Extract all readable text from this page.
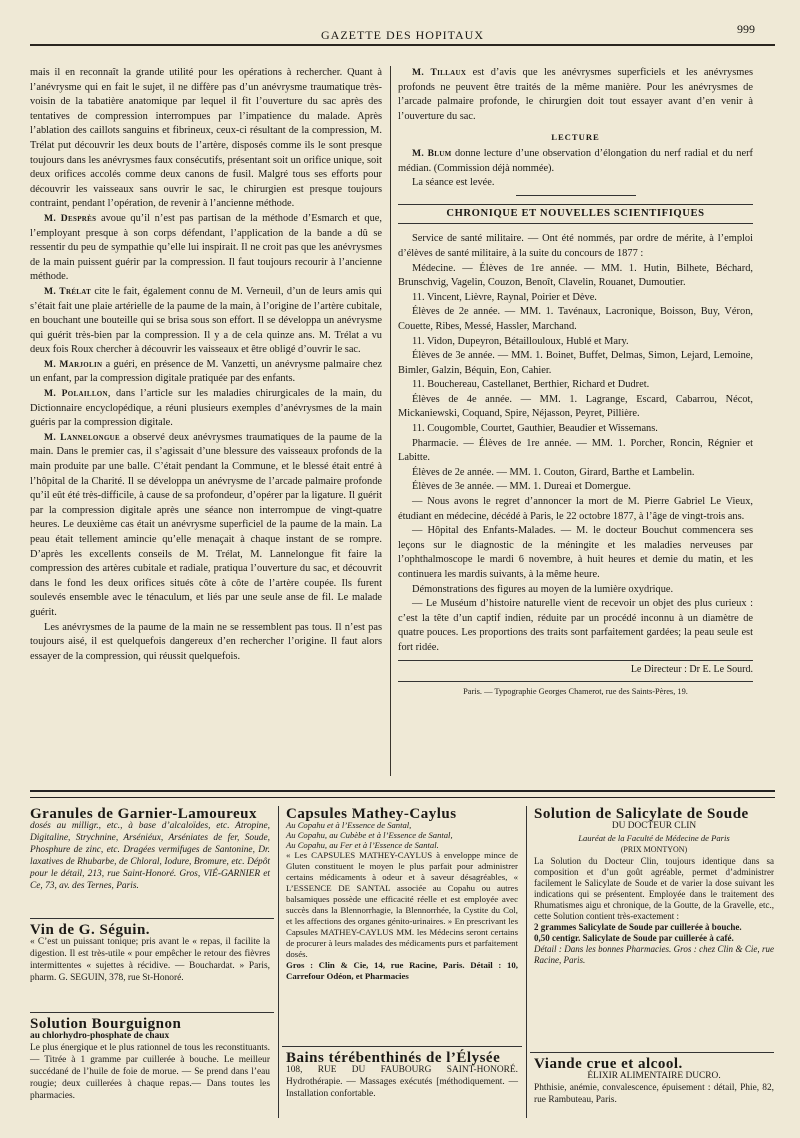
GAZETTE DES HOPITAUX	999

mais il en reconnaît la grande utilité pour les opérations à rechercher. Quant à l’anévrysme qui en fait le sujet, il ne diffère pas d’un anévrysme traumatique très-voisin de la tabatière anatomique par lequel il fit l’ouverture du sac après des tentatives de compression interrompues par l’impatience du malade. Après l’ablation des caillots sanguins et fibrineux, ceux-ci résultant de la compression, M. Trélat put découvrir les deux bouts de l’artère, disposés comme ils le sont presque toujours dans les anévrysmes faux consécutifs, présentant soit un orifice unique, soit deux orifices accolés comme deux canons de fusil. Malgré tous ses efforts pour découvrir les vaisseaux sans ouvrir le sac, le chirurgien est presque toujours contraint, pendant l’opération, de revenir à l’ancienne méthode.

M. Desprès avoue qu’il n’est pas partisan de la méthode d’Esmarch et que, l’employant presque à son corps défendant, l’application de la bande a dû se ressentir du peu de sympathie qu’elle lui inspirait. Il ne croit pas que les anévrysmes de la main puissent guérir par la compression. Il faut toujours recourir à l’ancienne méthode.

M. Trélat cite le fait, également connu de M. Verneuil, d’un de leurs amis qui s’était fait une plaie artérielle de la paume de la main, à l’origine de l’artère cubitale, en bouchant une bouteille qui se brisa sous son effort. Il se développa un anévrysme qui guérit très-bien par la compression. Il y a de cela quinze ans. M. Trélat a vu deux fois Roux chercher à découvrir les vaisseaux et être obligé d’ouvrir le sac.

M. Marjolin a guéri, en présence de M. Vanzetti, un anévrysme palmaire chez un enfant, par la compression digitale pratiquée par des enfants.

M. Polaillon, dans l’article sur les maladies chirurgicales de la main, du Dictionnaire encyclopédique, a réuni plusieurs exemples d’anévrysmes de la main guéris par la compression digitale.

M. Lannelongue a observé deux anévrysmes traumatiques de la paume de la main. Dans le premier cas, il s’agissait d’une blessure des vaisseaux profonds de la main produite par une balle. C’était pendant la Commune, et le blessé était entré à l’hôpital de la Charité. Il se développa un anévrysme de l’arcade palmaire profonde qu’il eût été très-difficile, à cause de sa profondeur, d’opérer par la ligature. Il guérit par la compression digitale après une séance non interrompue de vingt-quatre heures. Le deuxième cas était un anévrysme superficiel de la paume de la main. La peau était tellement amincie qu’elle menaçait à chaque instant de se rompre. D’après les excellents conseils de M. Trélat, M. Lannelongue fit faire la compression des artères cubitale et radiale, pratiqua l’ouverture du sac, et découvrit dans le fond les deux orifices situés côte à côte de l’artère coupée. Ils furent soulevés ensemble avec le ténaculum, et liés par une seule anse de fil. Le malade guérit.

Les anévrysmes de la paume de la main ne se ressemblent pas tous. Il n’est pas toujours aisé, il est quelquefois dangereux d’en rechercher l’origine. Il faut alors essayer de la compression, qui réussit quelquefois.

M. Tillaux est d’avis que les anévrysmes superficiels et les anévrysmes profonds ne peuvent être traités de la même manière. Pour les anévrysmes de l’arcade palmaire profonde, le chirurgien doit tout essayer avant d’en venir à l’ouverture du sac.

LECTURE

M. Blum donne lecture d’une observation d’élongation du nerf radial et du nerf médian. (Commission déjà nommée).

La séance est levée.

CHRONIQUE ET NOUVELLES SCIENTIFIQUES

Service de santé militaire. — Ont été nommés, par ordre de mérite, à l’emploi d’élèves de santé militaire, à la suite du concours de 1877 :

Médecine. — Élèves de 1re année. — MM. 1. Hutin, Bilhete, Béchard, Brunschvig, Vagelin, Couzon, Benoît, Clavelin, Rouanet, Dumoutier.

11. Vincent, Lièvre, Raynal, Poirier et Dève.

Élèves de 2e année. — MM. 1. Tavénaux, Lacronique, Boisson, Buy, Véron, Couette, Ribes, Messé, Hassler, Marchand.

11. Vidon, Dupeyron, Bétaillouloux, Hublé et Mary.

Élèves de 3e année. — MM. 1. Boinet, Buffet, Delmas, Simon, Lejard, Lemoine, Bimler, Galzin, Béquin, Eon, Cahier.

11. Bouchereau, Castellanet, Berthier, Richard et Dudret.

Élèves de 4e année. — MM. 1. Lagrange, Escard, Cabarrou, Nécot, Mickaniewski, Coquand, Spire, Néjasson, Peyret, Pillière.

11. Cougomble, Courtet, Gauthier, Beaudier et Wissemans.

Pharmacie. — Élèves de 1re année. — MM. 1. Porcher, Roncin, Régnier et Labitte.

Élèves de 2e année. — MM. 1. Couton, Girard, Barthe et Lambelin.

Élèves de 3e année. — MM. 1. Dureai et Domergue.

— Nous avons le regret d’annoncer la mort de M. Pierre Gabriel Le Vieux, étudiant en médecine, décédé à Paris, le 22 octobre 1877, à l’âge de vingt-trois ans.

— Hôpital des Enfants-Malades. — M. le docteur Bouchut commencera ses leçons sur le diagnostic de la méningite et les maladies nerveuses par l’ophthalmoscope le mardi 6 novembre, à huit heures et demie du matin, et les continuera les mardis suivants, à la même heure.

Démonstrations des figures au moyen de la lumière oxydrique.

— Le Muséum d’histoire naturelle vient de recevoir un objet des plus curieux : c’est la tête d’un captif indien, réduite par un procédé inconnu à un diamètre de quatre pouces. Les proportions des traits sont parfaitement gardées; la peau seule est fort ridée.

Le Directeur : Dr E. Le Sourd.
Paris. — Typographie Georges Chamerot, rue des Saints-Pères, 19.
Granules de Garnier-Lamoureux
dosés au milligr., etc., à base d’alcaloïdes, etc. Atropine, Digitaline, Strychnine, Arséniéux, Arséniates de fer, Soude, Phosphure de zinc, etc. Dragées vermifuges de Santonine, Dr. laxatives de Rhubarbe, de Chloral, Iodure, Bromure, etc. Dépôt pour le détail, 213, rue Saint-Honoré. Gros, VIÉ-GARNIER et Ce, 73, av. des Ternes, Paris.
Vin de G. Séguin.
« C’est un puissant tonique; pris avant le « repas, il facilite la digestion. Il est très-utile « pour empêcher le retour des fièvres intermittentes « sujettes à récidive. — Bouchardat. » Paris, pharm. G. SEGUIN, 378, rue St-Honoré.
Solution Bourguignon
au chlorhydro-phosphate de chaux
Le plus énergique et le plus rationnel de tous les reconstituants. — Titrée à 1 gramme par cuillerée à bouche. Le meilleur succédané de l’huile de foie de morue. — Se prend dans l’eau rougie; deux cuillerées à chaque repas.— Dans toutes les pharmacies.
Capsules Mathey-Caylus
Au Copahu et à l’Essence de Santal,
Au Copahu, au Cubèbe et à l’Essence de Santal,
Au Copahu, au Fer et à l’Essence de Santal.
« Les CAPSULES MATHEY-CAYLUS à enveloppe mince de Gluten constituent le moyen le plus parfait pour administrer certains médicaments à odeur et à saveur désagréables, « L’ESSENCE DE SANTAL associée au Copahu ou autres balsamiques possède une efficacité réelle et est employée avec succès dans la Blennorrhagie, la Blennorrhée, la Cystite du Col, et les affections des organes génito-urinaires. » En prescrivant les Capsules MATHEY-CAYLUS MM. les Médecins seront certains de procurer à leurs malades des médicaments purs et parfaitement dosés.
Gros : Clin & Cie, 14, rue Racine, Paris. Détail : 10, Carrefour Odéon, et Pharmacies
Bains térébenthinés de l’Élysée
108, RUE DU FAUBOURG SAINT-HONORÉ. Hydrothérapie. — Massages exécutés [méthodiquement. — Installation confortable.
Solution de Salicylate de Soude
DU DOCTEUR CLIN
Lauréat de la Faculté de Médecine de Paris
(PRIX MONTYON)
La Solution du Docteur Clin, toujours identique dans sa composition et d’un goût agréable, permet d’administrer facilement le Salicylate de Soude et de varier la dose suivant les indications qui se présentent. Employée dans le traitement des Rhumatismes aigu et chronique, de la Goutte, de la Gravelle, etc., cette Solution contient très-exactement :
2 grammes Salicylate de Soude par cuillerée à bouche.
0,50 centigr. Salicylate de Soude par cuillerée à café.
Détail : Dans les bonnes Pharmacies. Gros : chez Clin & Cie, rue Racine, Paris.
Viande crue et alcool.
ÉLIXIR ALIMENTAIRE DUCRO.
Phthisie, anémie, convalescence, épuisement : détail, Phie, 82, rue Rambuteau, Paris.
